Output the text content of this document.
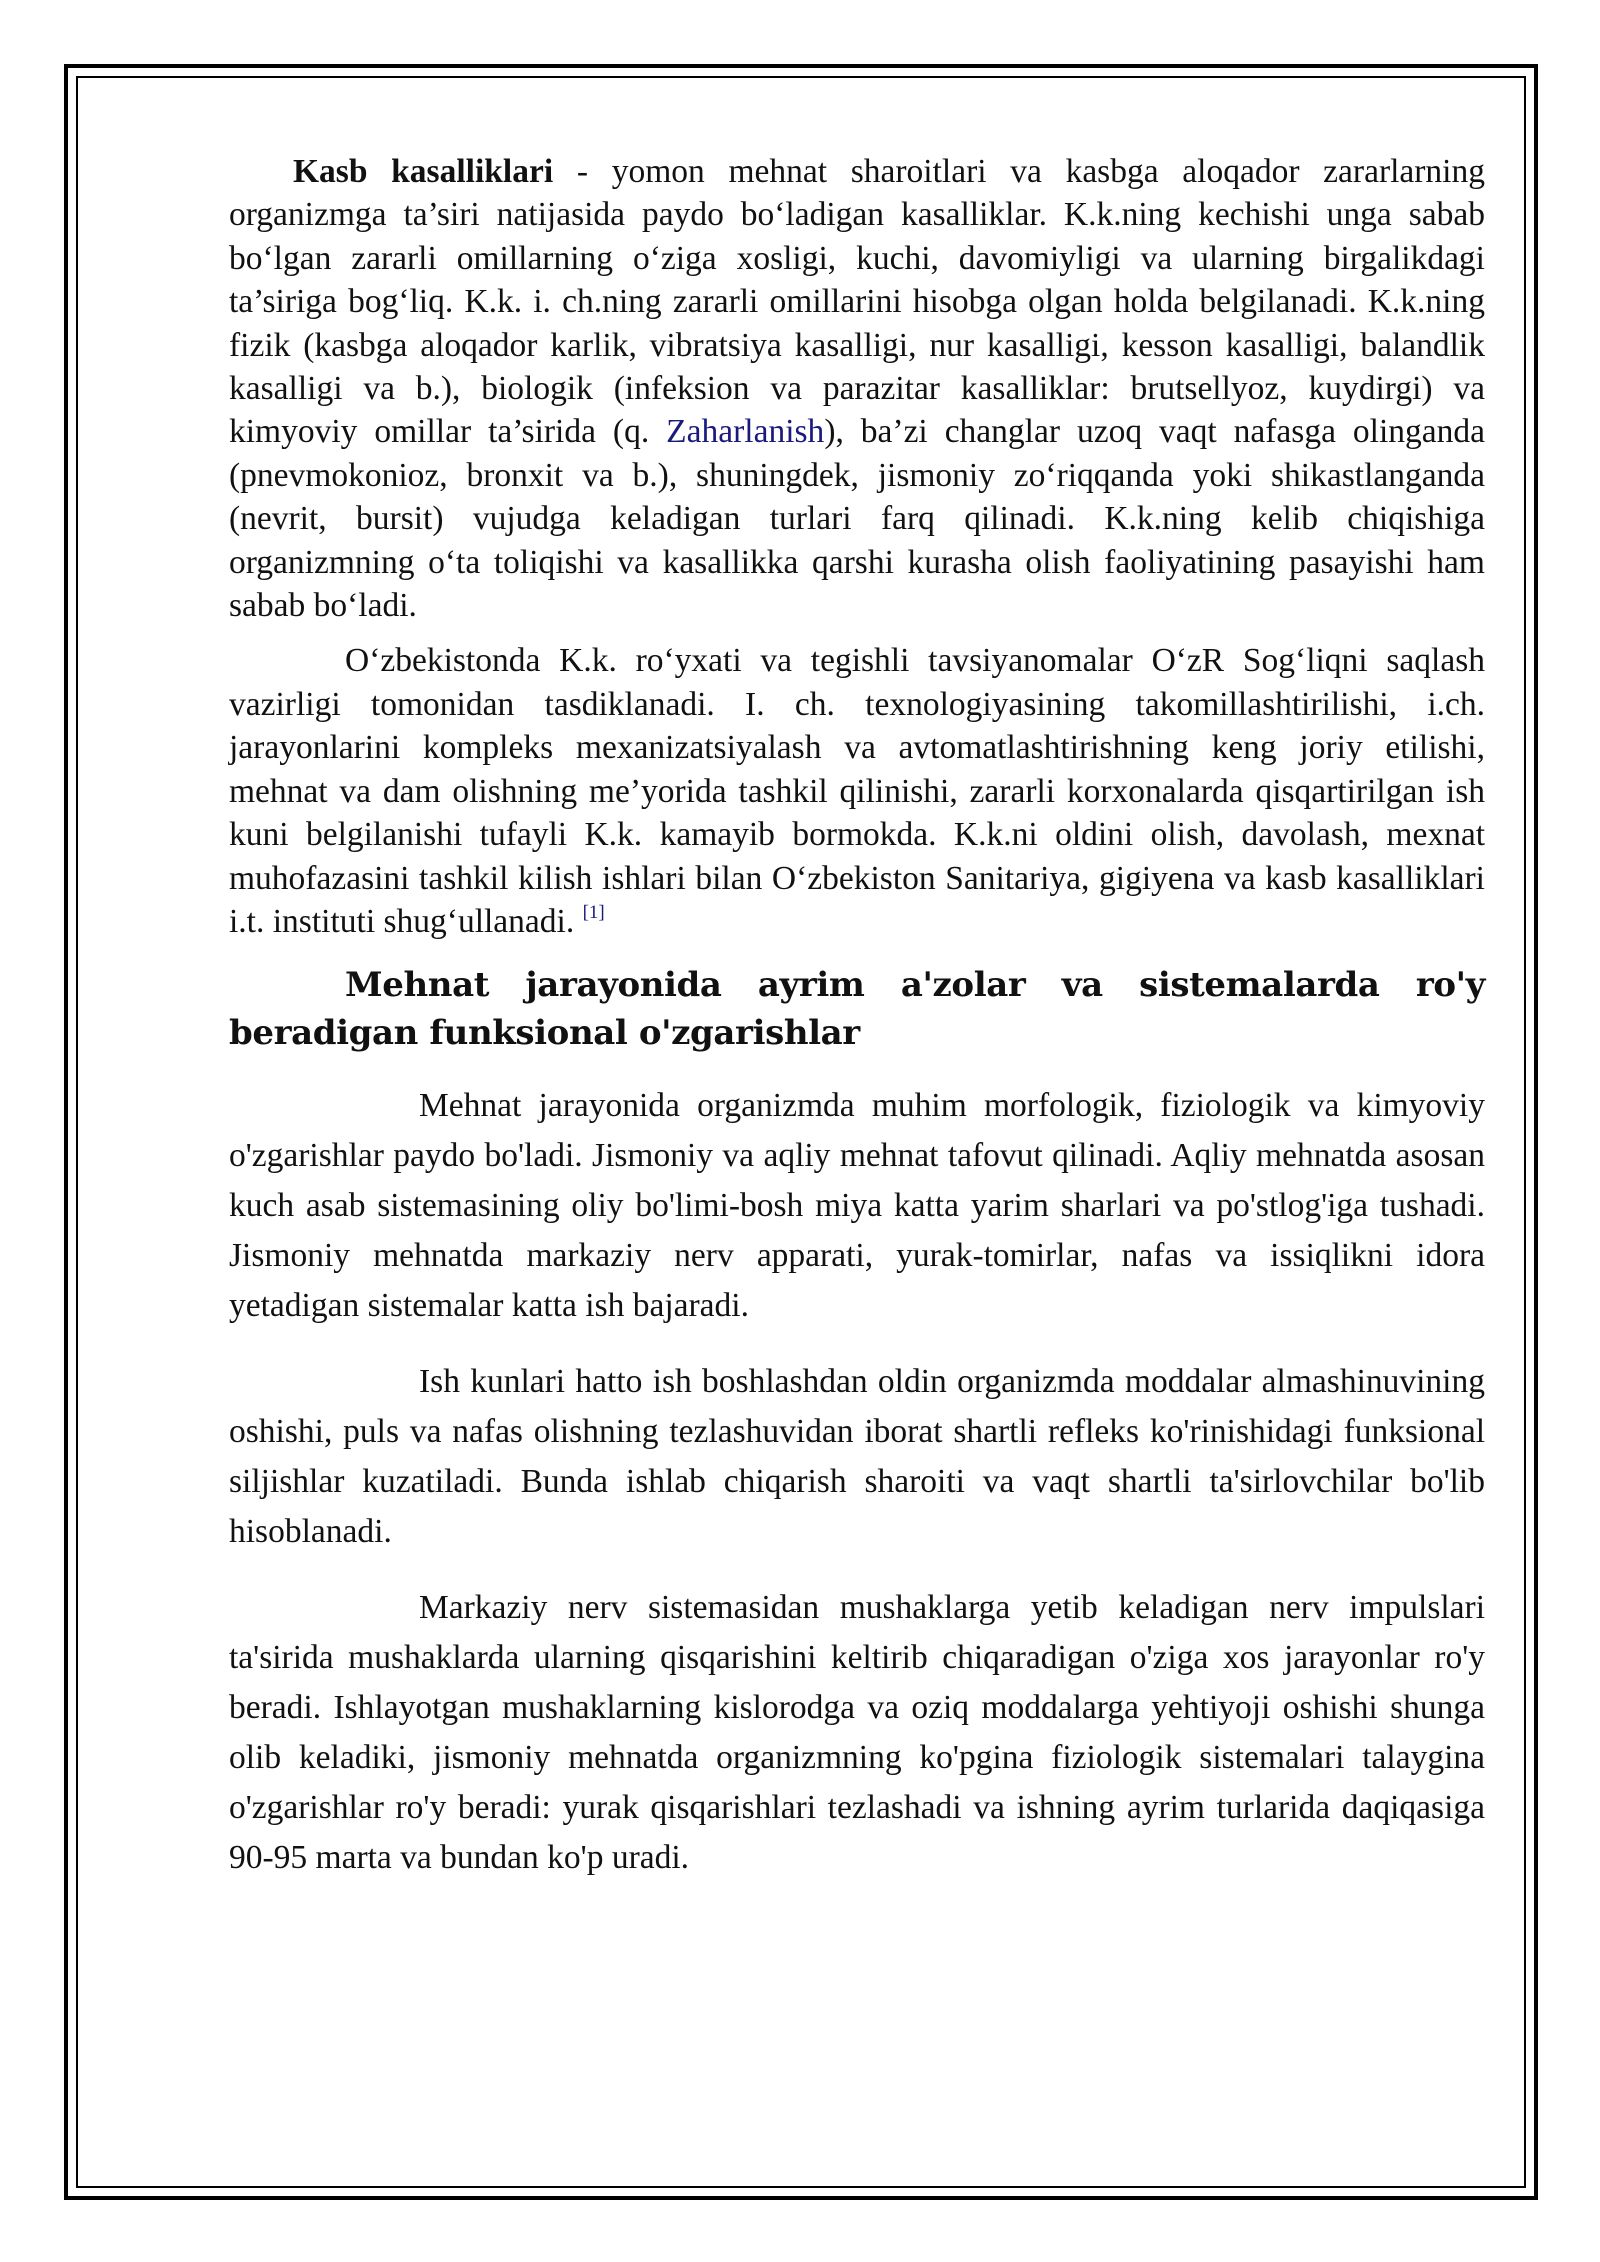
Kasb kasalliklari - yomon mehnat sharoitlari va kasbga aloqador zararlarning organizmga ta’siri natijasida paydo bo‘ladigan kasalliklar. K.k.ning kechishi unga sabab bo‘lgan zararli omillarning o‘ziga xosligi, kuchi, davomiyligi va ularning birgalikdagi ta’siriga bog‘liq. K.k. i. ch.ning zararli omillarini hisobga olgan holda belgilanadi. K.k.ning fizik (kasbga aloqador karlik, vibratsiya kasalligi, nur kasalligi, kesson kasalligi, balandlik kasalligi va b.), biologik (infeksion va parazitar kasalliklar: brutsellyoz, kuydirgi) va kimyoviy omillar ta’sirida (q. Zaharlanish), ba’zi changlar uzoq vaqt nafasga olinganda (pnevmokonioz, bronxit va b.), shuningdek, jismoniy zo‘riqqanda yoki shikastlanganda (nevrit, bursit) vujudga keladigan turlari farq qilinadi. K.k.ning kelib chiqishiga organizmning o‘ta toliqishi va kasallikka qarshi kurasha olish faoliyatining pasayishi ham sabab bo‘ladi.

O‘zbekistonda K.k. ro‘yxati va tegishli tavsiyanomalar O‘zR Sog‘liqni saqlash vazirligi tomonidan tasdiklanadi. I. ch. texnologiyasining takomillashtirilishi, i.ch. jarayonlarini kompleks mexanizatsiyalash va avtomatlashtirishning keng joriy etilishi, mehnat va dam olishning me’yorida tashkil qilinishi, zararli korxonalarda qisqartirilgan ish kuni belgilanishi tufayli K.k. kamayib bormokda. K.k.ni oldini olish, davolash, mexnat muhofazasini tashkil kilish ishlari bilan O‘zbekiston Sanitariya, gigiyena va kasb kasalliklari i.t. instituti shug‘ullanadi. [1]

Mehnat jarayonida ayrim a'zolar va sistemalarda ro'y beradigan funksional o'zgarishlar

Mehnat jarayonida organizmda muhim morfologik, fiziologik va kimyoviy o'zgarishlar paydo bo'ladi. Jismoniy va aqliy mehnat tafovut qilinadi. Aqliy mehnatda asosan kuch asab sistemasining oliy bo'limi-bosh miya katta yarim sharlari va po'stlog'iga tushadi. Jismoniy mehnatda markaziy nerv apparati, yurak-tomirlar, nafas va issiqlikni idora yetadigan sistemalar katta ish bajaradi.

Ish kunlari hatto ish boshlashdan oldin organizmda moddalar almashinuvining oshishi, puls va nafas olishning tezlashuvidan iborat shartli refleks ko'rinishidagi funksional siljishlar kuzatiladi. Bunda ishlab chiqarish sharoiti va vaqt shartli ta'sirlovchilar bo'lib hisoblanadi.

Markaziy nerv sistemasidan mushaklarga yetib keladigan nerv impulslari ta'sirida mushaklarda ularning qisqarishini keltirib chiqaradigan o'ziga xos jarayonlar ro'y beradi. Ishlayotgan mushaklarning kislorodga va oziq moddalarga yehtiyoji oshishi shunga olib keladiki, jismoniy mehnatda organizmning ko'pgina fiziologik sistemalari talaygina o'zgarishlar ro'y beradi: yurak qisqarishlari tezlashadi va ishning ayrim turlarida daqiqasiga 90-95 marta va bundan ko'p uradi.
